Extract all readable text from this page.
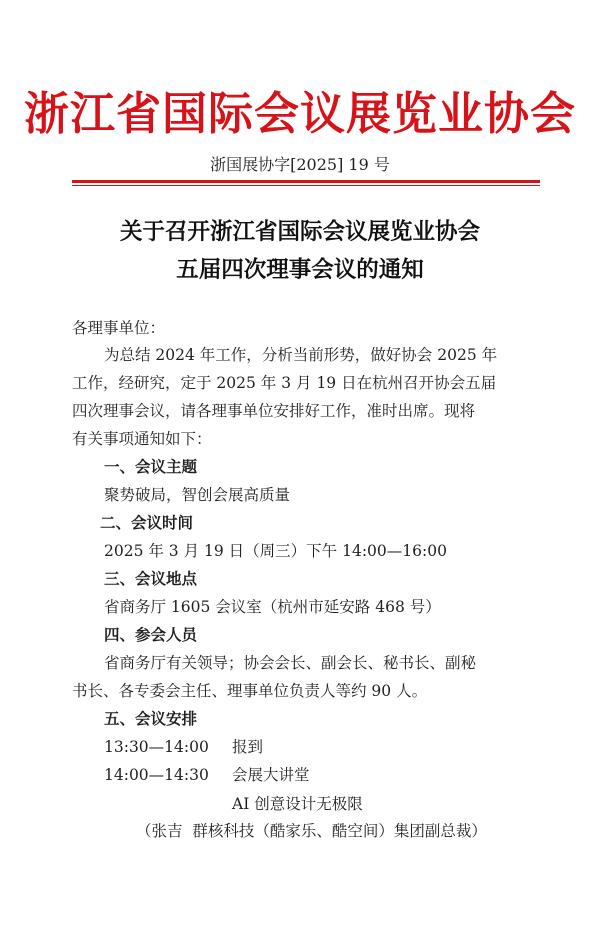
浙江省国际会议展览业协会
浙国展协字[2025] 19 号
关于召开浙江省国际会议展览业协会
五届四次理事会议的通知
各理事单位：
为总结 2024 年工作，分析当前形势，做好协会 2025 年
工作，经研究，定于 2025 年 3 月 19 日在杭州召开协会五届
四次理事会议，请各理事单位安排好工作，准时出席。现将
有关事项通知如下：
一、会议主题
聚势破局，智创会展高质量
二、会议时间
2025 年 3 月 19 日（周三）下午 14:00—16:00
三、会议地点
省商务厅 1605 会议室（杭州市延安路 468 号）
四、参会人员
省商务厅有关领导；协会会长、副会长、秘书长、副秘
书长、各专委会主任、理事单位负责人等约 90 人。
五、会议安排
13:30—14:00 报到
14:00—14:30 会展大讲堂
AI 创意设计无极限
（张吉  群核科技（酷家乐、酷空间）集团副总裁）
